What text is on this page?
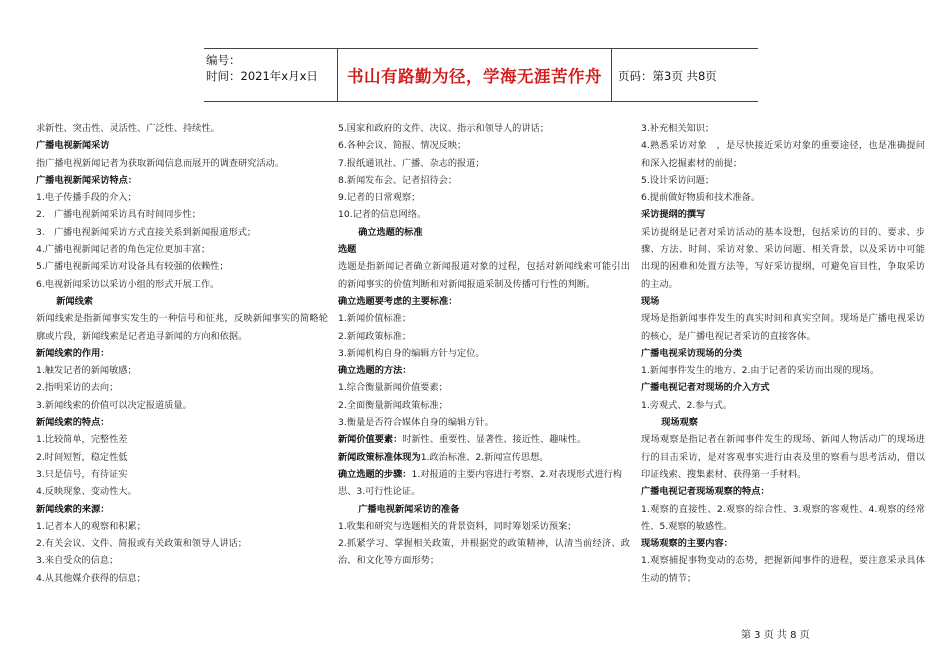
编号：
时间：2021年x月x日	书山有路勤为径，学海无涯苦作舟	页码：第3页 共8页
求新性、突击性、灵活性、广泛性、持续性。
广播电视新闻采访
指广播电视新闻记者为获取新闻信息而展开的调查研究活动。
广播电视新闻采访特点：
1.电子传播手段的介入；
2.　广播电视新闻采访具有时间同步性；
3.　广播电视新闻采访方式直接关系到新闻报道形式；
4.广播电视新闻记者的角色定位更加丰富；
5.广播电视新闻采访对设备具有较强的依赖性；
6.电视新闻采访以采访小组的形式开展工作。
新闻线索
新闻线索是指新闻事实发生的一种信号和征兆，反映新闻事实的简略轮廓或片段，新闻线索是记者追寻新闻的方向和依据。
新闻线索的作用：
1.触发记者的新闻敏感；
2.指明采访的去向；
3.新闻线索的价值可以决定报道质量。
新闻线索的特点：
1.比较简单，完整性差
2.时间短暂，稳定性低
3.只是信号，有待证实
4.反映现象、变动性大。
新闻线索的来源：
1.记者本人的观察和积累；
2.有关会议、文件、简报或有关政策和领导人讲话；
3.来自受众的信息；
4.从其他媒介获得的信息；
5.国家和政府的文件、决议、指示和领导人的讲话；
6.各种会议、简报、情况反映；
7.报纸通讯社、广播、杂志的报道；
8.新闻发布会、记者招待会；
9.记者的日常观察；
10.记者的信息网络。
确立选题的标准
选题
选题是指新闻记者确立新闻报道对象的过程，包括对新闻线索可能引出的新闻事实的价值判断和对新闻报道采制及传播可行性的判断。
确立选题要考虑的主要标准：
1.新闻价值标准；
2.新闻政策标准；
3.新闻机构自身的编辑方针与定位。
确立选题的方法：
1.综合衡量新闻价值要素；
2.全面衡量新闻政策标准；
3.衡量是否符合媒体自身的编辑方针。
新闻价值要素：时新性、重要性、显著性、接近性、趣味性。
新闻政策标准体现为1.政治标准、2.新闻宣传思想。
确立选题的步骤：1.对报道的主要内容进行考察、2.对表现形式进行构思、3.可行性论证。
广播电视新闻采访的准备
1.收集和研究与选题相关的背景资料，同时筹划采访预案；
2.抓紧学习、掌握相关政策，并根据党的政策精神，认清当前经济、政治、和文化等方面形势；
3.补充相关知识；
4.熟悉采访对象　，是尽快接近采访对象的重要途径，也是准确提问和深入挖掘素材的前提；
5.设计采访问题；
6.提前做好物质和技术准备。
采访提纲的撰写
采访提纲是记者对采访活动的基本设想，包括采访的目的、要求、步骤、方法、时间、采访对象、采访问题、相关背景，以及采访中可能出现的困难和处置方法等，写好采访提纲，可避免盲目性，争取采访的主动。
现场
现场是指新闻事件发生的真实时间和真实空间。现场是广播电视采访的核心，是广播电视记者采访的直接客体。
广播电视采访现场的分类
1.新闻事件发生的地方、2.由于记者的采访而出现的现场。
广播电视记者对现场的介入方式
1.旁观式、2.参与式。
现场观察
现场观察是指记者在新闻事件发生的现场、新闻人物活动广的现场进行的目击采访，是对客观事实进行由表及里的察看与思考活动，借以印证线索、搜集素材、获得第一手材料。
广播电视记者现场观察的特点：
1.观察的直接性、2.观察的综合性、3.观察的客观性、4.观察的经常性、5.观察的敏感性。
现场观察的主要内容：
1.观察捕捉事物变动的态势，把握新闻事件的进程，要注意采录具体生动的情节；
第 3 页 共 8 页
